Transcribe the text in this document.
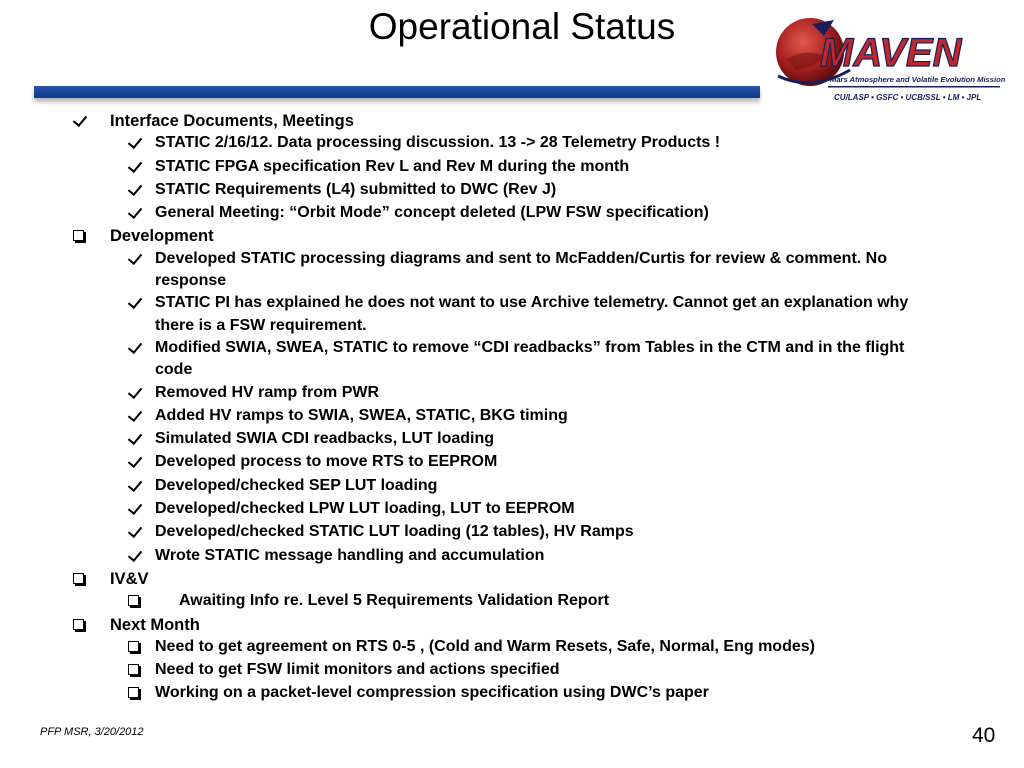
Operational Status
MAVEN
Mars Atmosphere and Volatile Evolution Mission
CU/LASP • GSFC • UCB/SSL • LM • JPL
Interface Documents, Meetings
STATIC 2/16/12. Data processing discussion. 13 -> 28 Telemetry Products !
STATIC FPGA specification Rev L and Rev M during the month
STATIC Requirements (L4) submitted to DWC (Rev J)
General Meeting: “Orbit Mode” concept deleted (LPW FSW specification)
Development
Developed STATIC processing diagrams and sent to McFadden/Curtis for review & comment. No response
STATIC PI has explained he does not want to use Archive telemetry. Cannot get an explanation why there is a FSW requirement.
Modified SWIA, SWEA, STATIC to remove “CDI readbacks” from Tables in the CTM and in the flight code
Removed HV ramp from PWR
Added HV ramps to SWIA, SWEA, STATIC, BKG timing
Simulated SWIA CDI readbacks, LUT loading
Developed process to move RTS to EEPROM
Developed/checked SEP LUT loading
Developed/checked LPW LUT loading, LUT to EEPROM
Developed/checked STATIC LUT loading (12 tables), HV Ramps
Wrote STATIC message handling and accumulation
IV&V
Awaiting Info re. Level 5 Requirements Validation Report
Next Month
Need to get agreement on RTS 0-5 , (Cold and Warm Resets, Safe, Normal, Eng modes)
Need to get FSW limit monitors and actions specified
Working on a packet-level compression specification using DWC’s paper
PFP MSR, 3/20/2012	40
